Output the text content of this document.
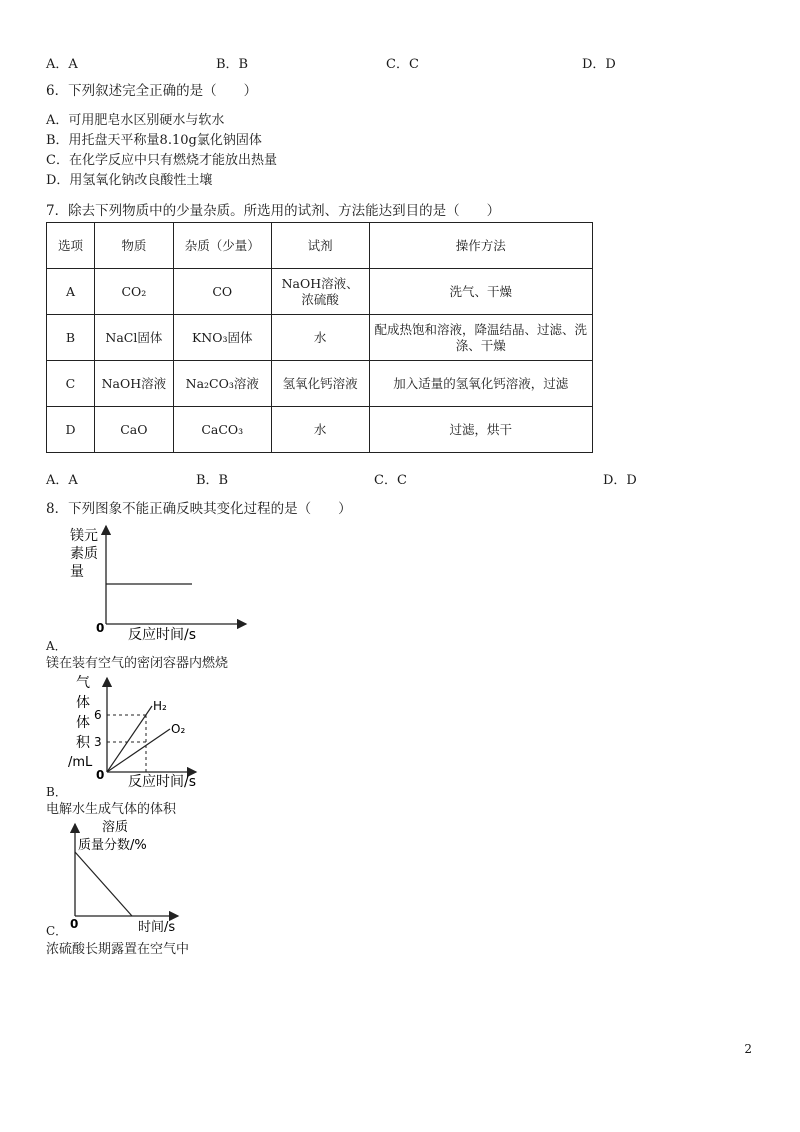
A．A	B．B	C．C	D．D
6．下列叙述完全正确的是（　　）
A．可用肥皂水区别硬水与软水
B．用托盘天平称量8.10g氯化钠固体
C．在化学反应中只有燃烧才能放出热量
D．用氢氧化钠改良酸性土壤
7．除去下列物质中的少量杂质。所选用的试剂、方法能达到目的是（　　）
选项	物质	杂质（少量）	试剂	操作方法
A	CO₂	CO	NaOH溶液、浓硫酸	洗气、干燥
B	NaCl固体	KNO₃固体	水	配成热饱和溶液，降温结晶、过滤、洗涤、干燥
C	NaOH溶液	Na₂CO₃溶液	氢氧化钙溶液	加入适量的氢氧化钙溶液，过滤
D	CaO	CaCO₃	水	过滤，烘干
A．A	B．B	C．C	D．D
8．下列图象不能正确反映其变化过程的是（　　）
镁元
素质
量
0 反应时间/s
A．
镁在装有空气的密闭容器内燃烧
H₂
O₂
气
体
体
积
/mL
6
3
0 反应时间/s
B．
电解水生成气体的体积
溶质
质量分数/%
0	时间/s
C．
浓硫酸长期露置在空气中
2
